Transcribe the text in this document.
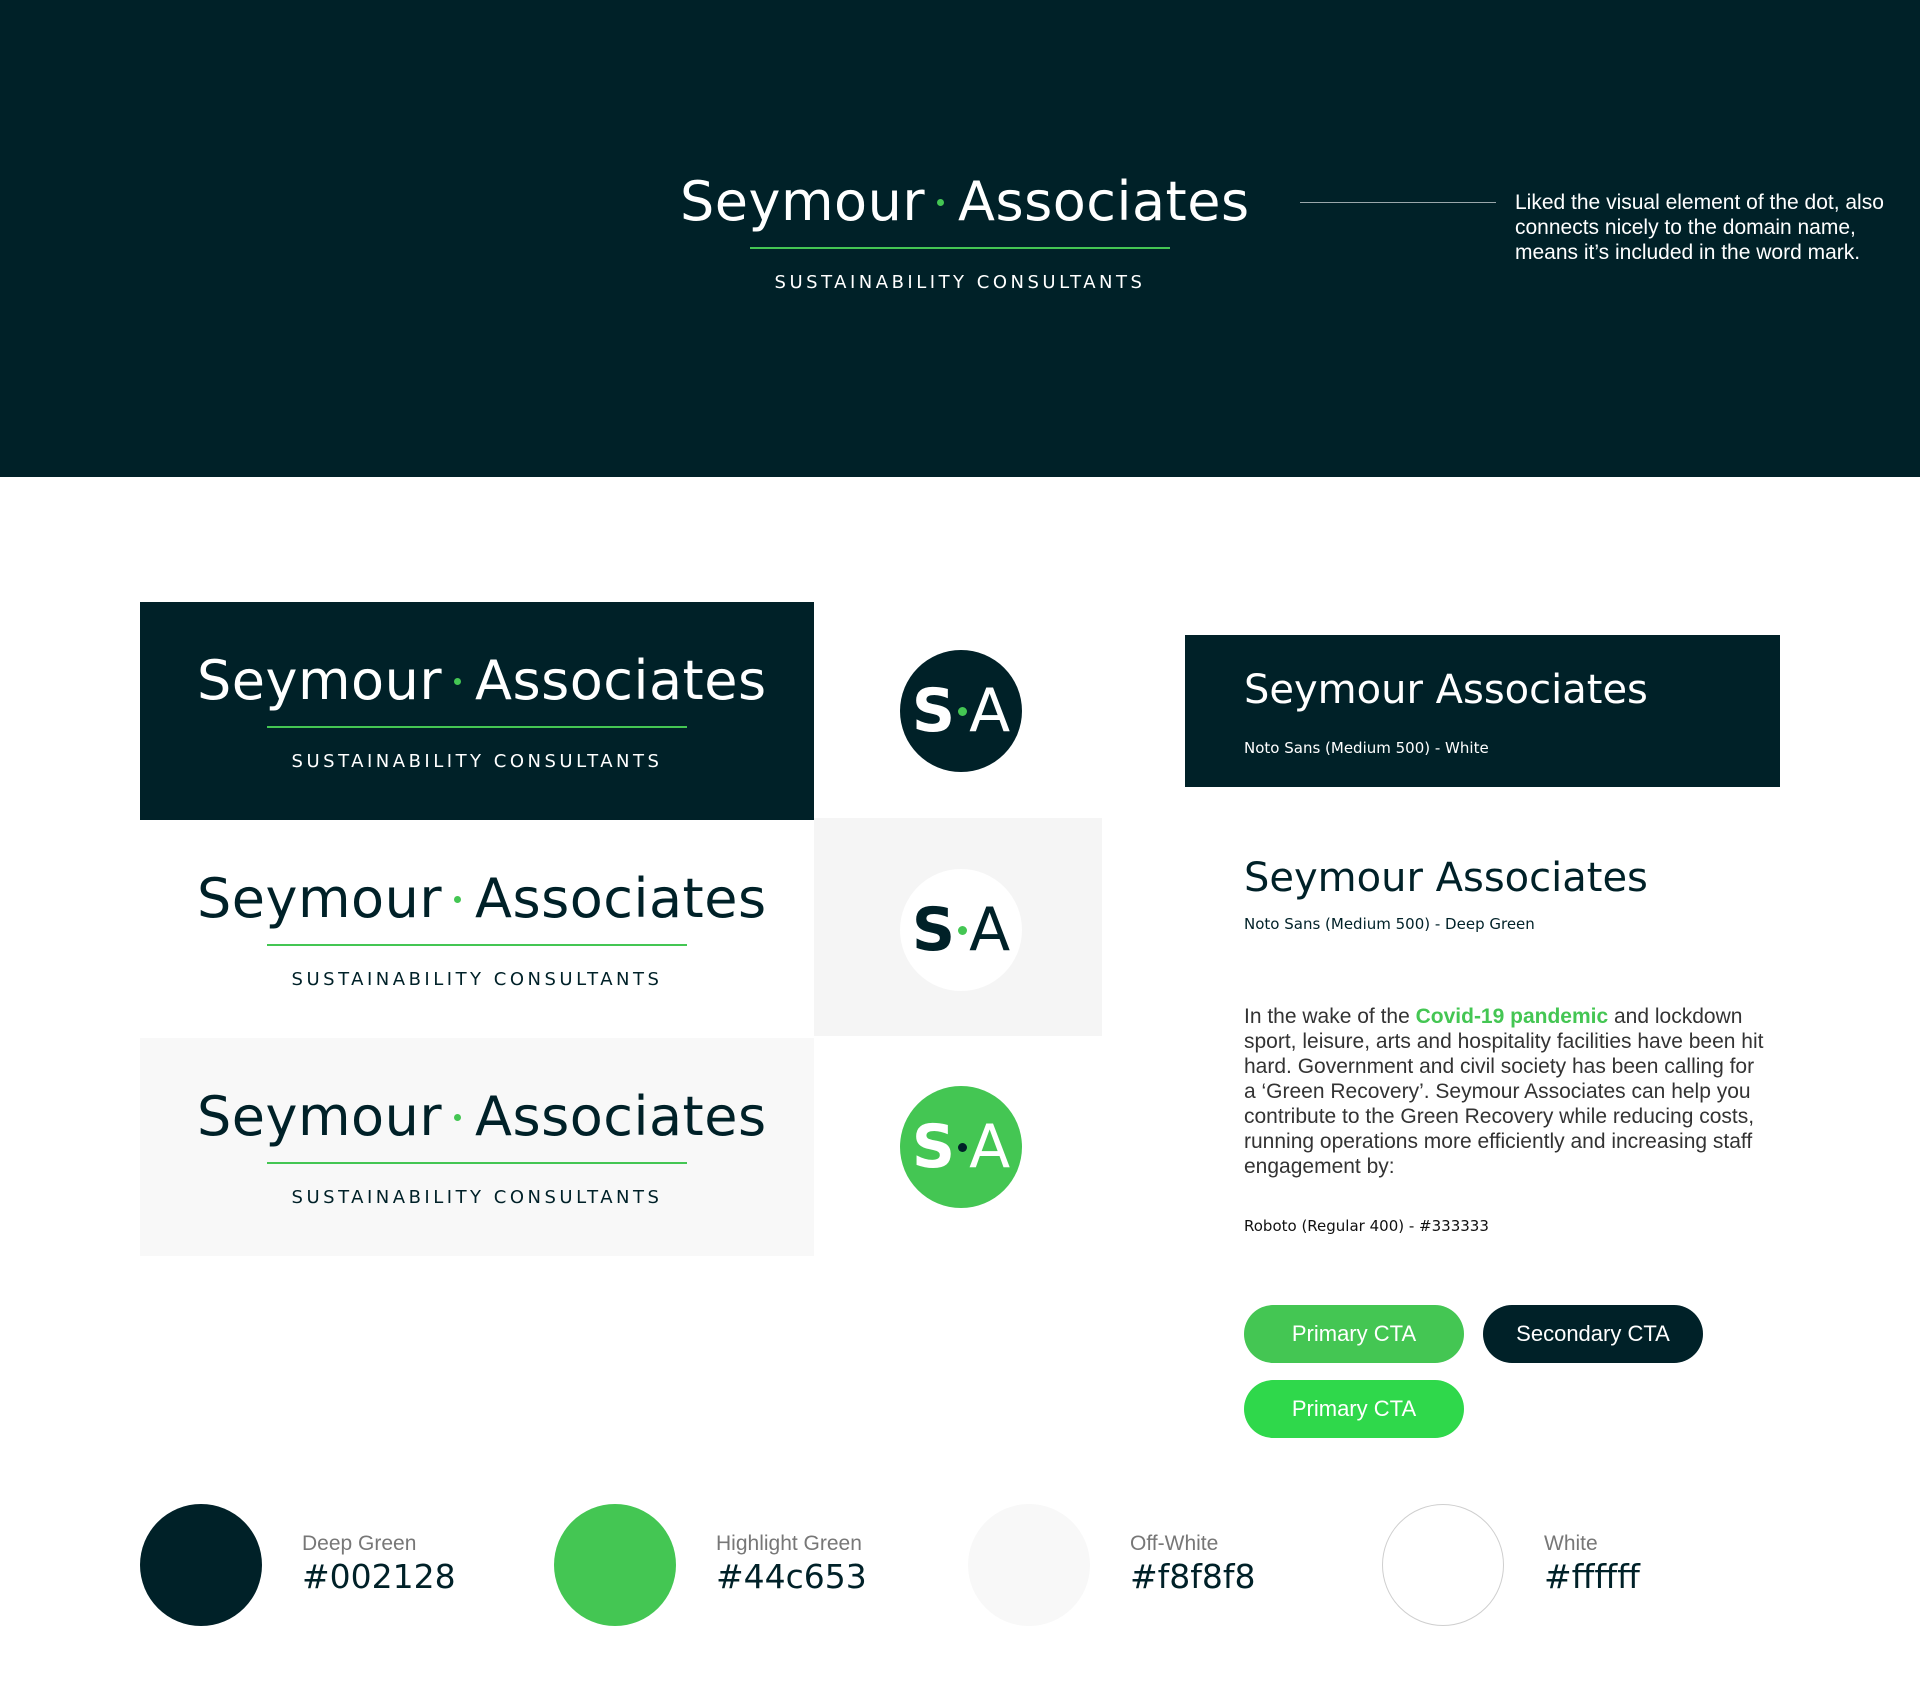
Seymour Associates
SUSTAINABILITY CONSULTANTS
Liked the visual element of the dot, also connects nicely to the domain name, means it’s included in the word mark.
Seymour Associates
SUSTAINABILITY CONSULTANTS
Seymour Associates
SUSTAINABILITY CONSULTANTS
Seymour Associates
SUSTAINABILITY CONSULTANTS
S A
S A
S A
Seymour Associates
Noto Sans (Medium 500) - White
Seymour Associates
Noto Sans (Medium 500) - Deep Green

In the wake of the Covid-19 pandemic and lockdown sport, leisure, arts and hospitality facilities have been hit hard. Government and civil society has been calling for a ‘Green Recovery’. Seymour Associates can help you contribute to the Green Recovery while reducing costs, running operations more efficiently and increasing staff engagement by:

Roboto (Regular 400) - #333333
Primary CTA	Secondary CTA
Primary CTA
Deep Green
#002128
Highlight Green
#44c653
Off-White
#f8f8f8
White
#ffffff
